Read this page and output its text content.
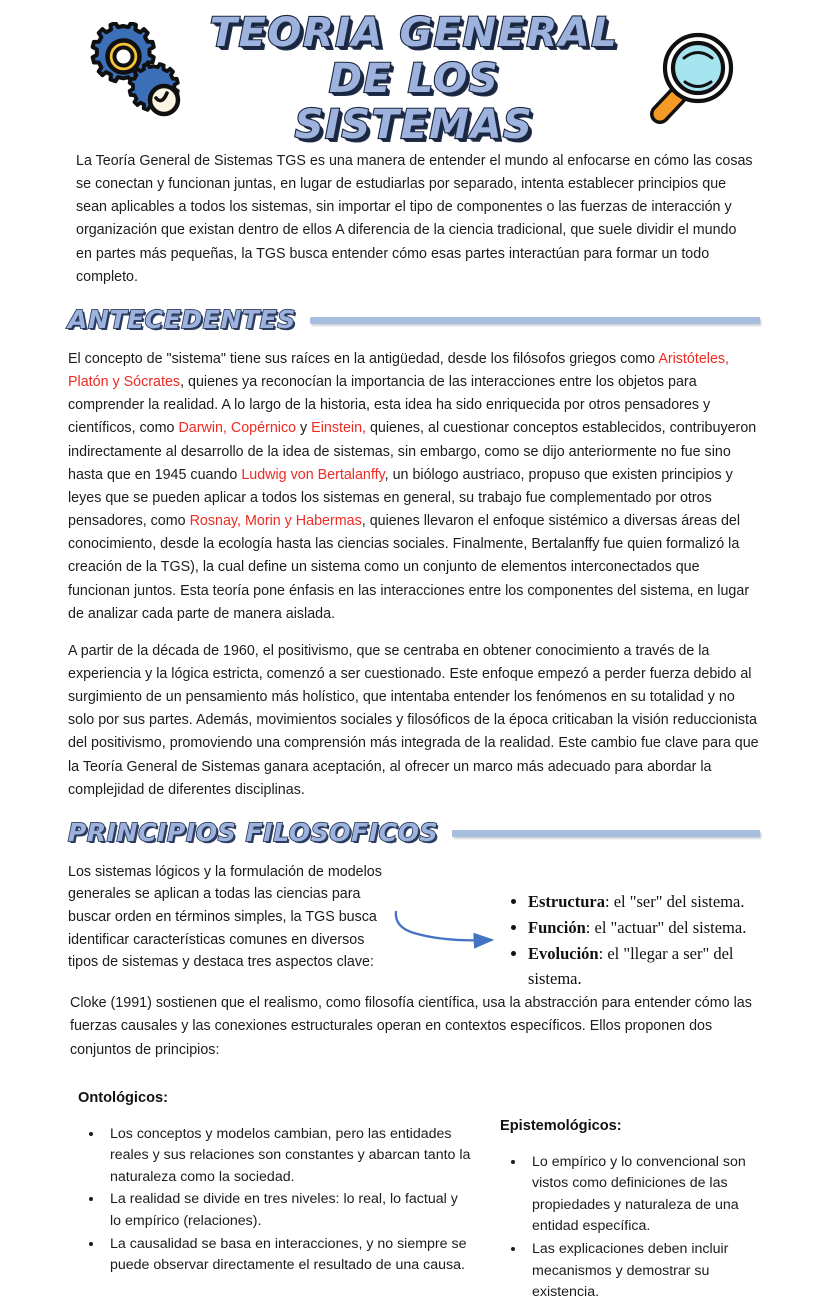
TEORIA GENERAL DE LOS
SISTEMAS

La Teoría General de Sistemas TGS es una manera de entender el mundo al enfocarse en cómo las cosas se conectan y funcionan juntas, en lugar de estudiarlas por separado, intenta establecer principios que sean aplicables a todos los sistemas, sin importar el tipo de componentes o las fuerzas de interacción y organización que existan dentro de ellos A diferencia de la ciencia tradicional, que suele dividir el mundo en partes más pequeñas, la TGS busca entender cómo esas partes interactúan para formar un todo completo.

ANTECEDENTES

El concepto de "sistema" tiene sus raíces en la antigüedad, desde los filósofos griegos como Aristóteles, Platón y Sócrates, quienes ya reconocían la importancia de las interacciones entre los objetos para comprender la realidad. A lo largo de la historia, esta idea ha sido enriquecida por otros pensadores y científicos, como Darwin, Copérnico y Einstein, quienes, al cuestionar conceptos establecidos, contribuyeron indirectamente al desarrollo de la idea de sistemas, sin embargo, como se dijo anteriormente no fue sino hasta que en 1945 cuando Ludwig von Bertalanffy, un biólogo austriaco, propuso que existen principios y leyes que se pueden aplicar a todos los sistemas en general, su trabajo fue complementado por otros pensadores, como Rosnay, Morin y Habermas, quienes llevaron el enfoque sistémico a diversas áreas del conocimiento, desde la ecología hasta las ciencias sociales. Finalmente, Bertalanffy fue quien formalizó la creación de la TGS), la cual define un sistema como un conjunto de elementos interconectados que funcionan juntos. Esta teoría pone énfasis en las interacciones entre los componentes del sistema, en lugar de analizar cada parte de manera aislada.

A partir de la década de 1960, el positivismo, que se centraba en obtener conocimiento a través de la experiencia y la lógica estricta, comenzó a ser cuestionado. Este enfoque empezó a perder fuerza debido al surgimiento de un pensamiento más holístico, que intentaba entender los fenómenos en su totalidad y no solo por sus partes. Además, movimientos sociales y filosóficos de la época criticaban la visión reduccionista del positivismo, promoviendo una comprensión más integrada de la realidad. Este cambio fue clave para que la Teoría General de Sistemas ganara aceptación, al ofrecer un marco más adecuado para abordar la complejidad de diferentes disciplinas.

PRINCIPIOS FILOSOFICOS
Los sistemas lógicos y la formulación de modelos generales se aplican a todas las ciencias para buscar orden en términos simples, la TGS busca identificar características comunes en diversos tipos de sistemas y destaca tres aspectos clave:
• Estructura: el "ser" del sistema.
• Función: el "actuar" del sistema.
• Evolución: el "llegar a ser" del sistema.

Cloke (1991) sostienen que el realismo, como filosofía científica, usa la abstracción para entender cómo las fuerzas causales y las conexiones estructurales operan en contextos específicos. Ellos proponen dos conjuntos de principios:

Ontológicos:
• Los conceptos y modelos cambian, pero las entidades reales y sus relaciones son constantes y abarcan tanto la naturaleza como la sociedad.
• La realidad se divide en tres niveles: lo real, lo factual y lo empírico (relaciones).
• La causalidad se basa en interacciones, y no siempre se puede observar directamente el resultado de una causa.
Epistemológicos:
• Lo empírico y lo convencional son vistos como definiciones de las propiedades y naturaleza de una entidad específica.
• Las explicaciones deben incluir mecanismos y demostrar su existencia.
